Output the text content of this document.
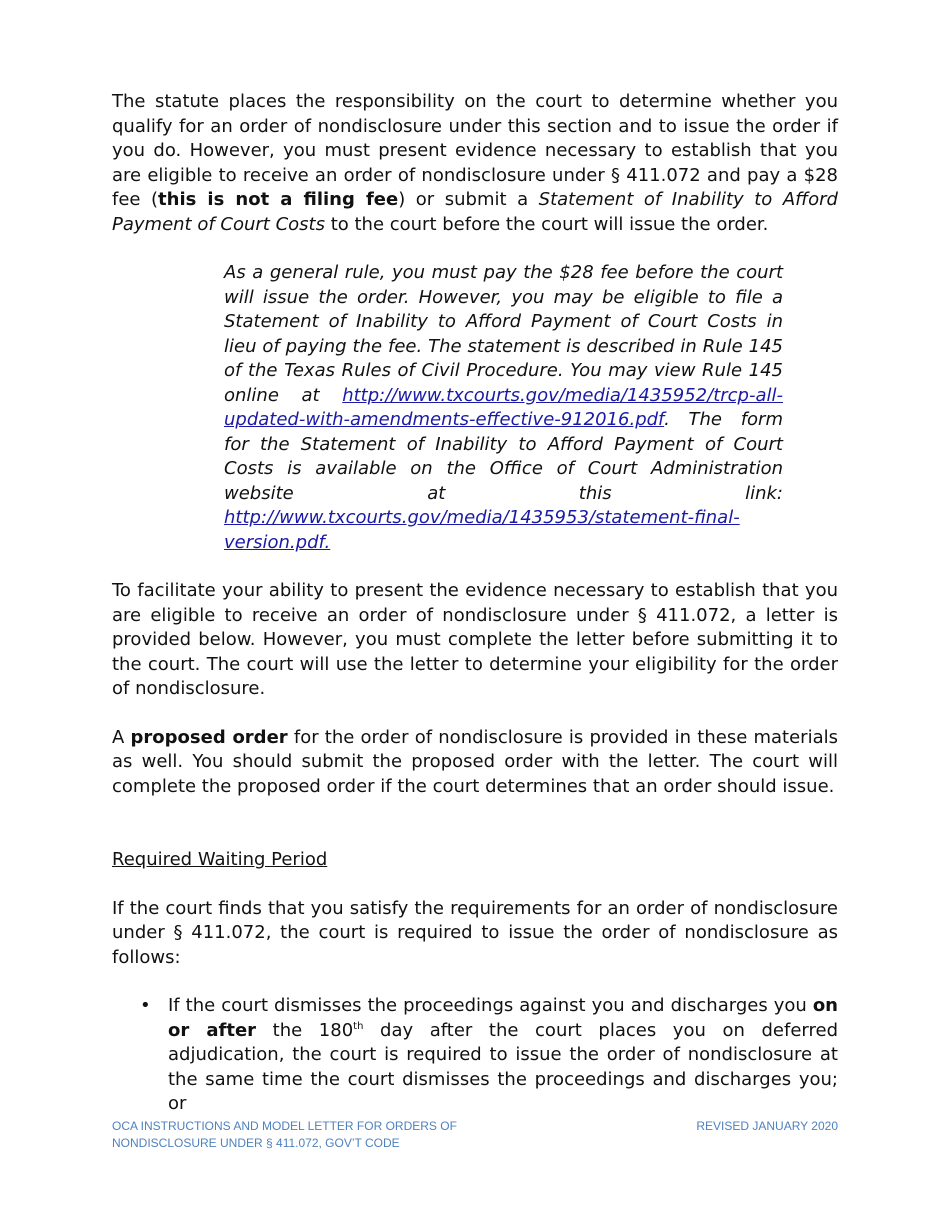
The statute places the responsibility on the court to determine whether you qualify for an order of nondisclosure under this section and to issue the order if you do. However, you must present evidence necessary to establish that you are eligible to receive an order of nondisclosure under § 411.072 and pay a $28 fee (this is not a filing fee) or submit a Statement of Inability to Afford Payment of Court Costs to the court before the court will issue the order.

As a general rule, you must pay the $28 fee before the court will issue the order. However, you may be eligible to file a Statement of Inability to Afford Payment of Court Costs in lieu of paying the fee. The statement is described in Rule 145 of the Texas Rules of Civil Procedure. You may view Rule 145 online at http://www.txcourts.gov/media/1435952/trcp-all-updated-with-amendments-effective-912016.pdf. The form for the Statement of Inability to Afford Payment of Court Costs is available on the Office of Court Administration website at this link: http://www.txcourts.gov/media/1435953/statement-final-version.pdf.

To facilitate your ability to present the evidence necessary to establish that you are eligible to receive an order of nondisclosure under § 411.072, a letter is provided below. However, you must complete the letter before submitting it to the court. The court will use the letter to determine your eligibility for the order of nondisclosure.

A proposed order for the order of nondisclosure is provided in these materials as well. You should submit the proposed order with the letter. The court will complete the proposed order if the court determines that an order should issue.

Required Waiting Period

If the court finds that you satisfy the requirements for an order of nondisclosure under § 411.072, the court is required to issue the order of nondisclosure as follows:

• If the court dismisses the proceedings against you and discharges you on or after the 180th day after the court places you on deferred adjudication, the court is required to issue the order of nondisclosure at the same time the court dismisses the proceedings and discharges you; or
OCA INSTRUCTIONS AND MODEL LETTER FOR ORDERS OF
NONDISCLOSURE UNDER § 411.072, GOV’T CODE
REVISED JANUARY 2020
